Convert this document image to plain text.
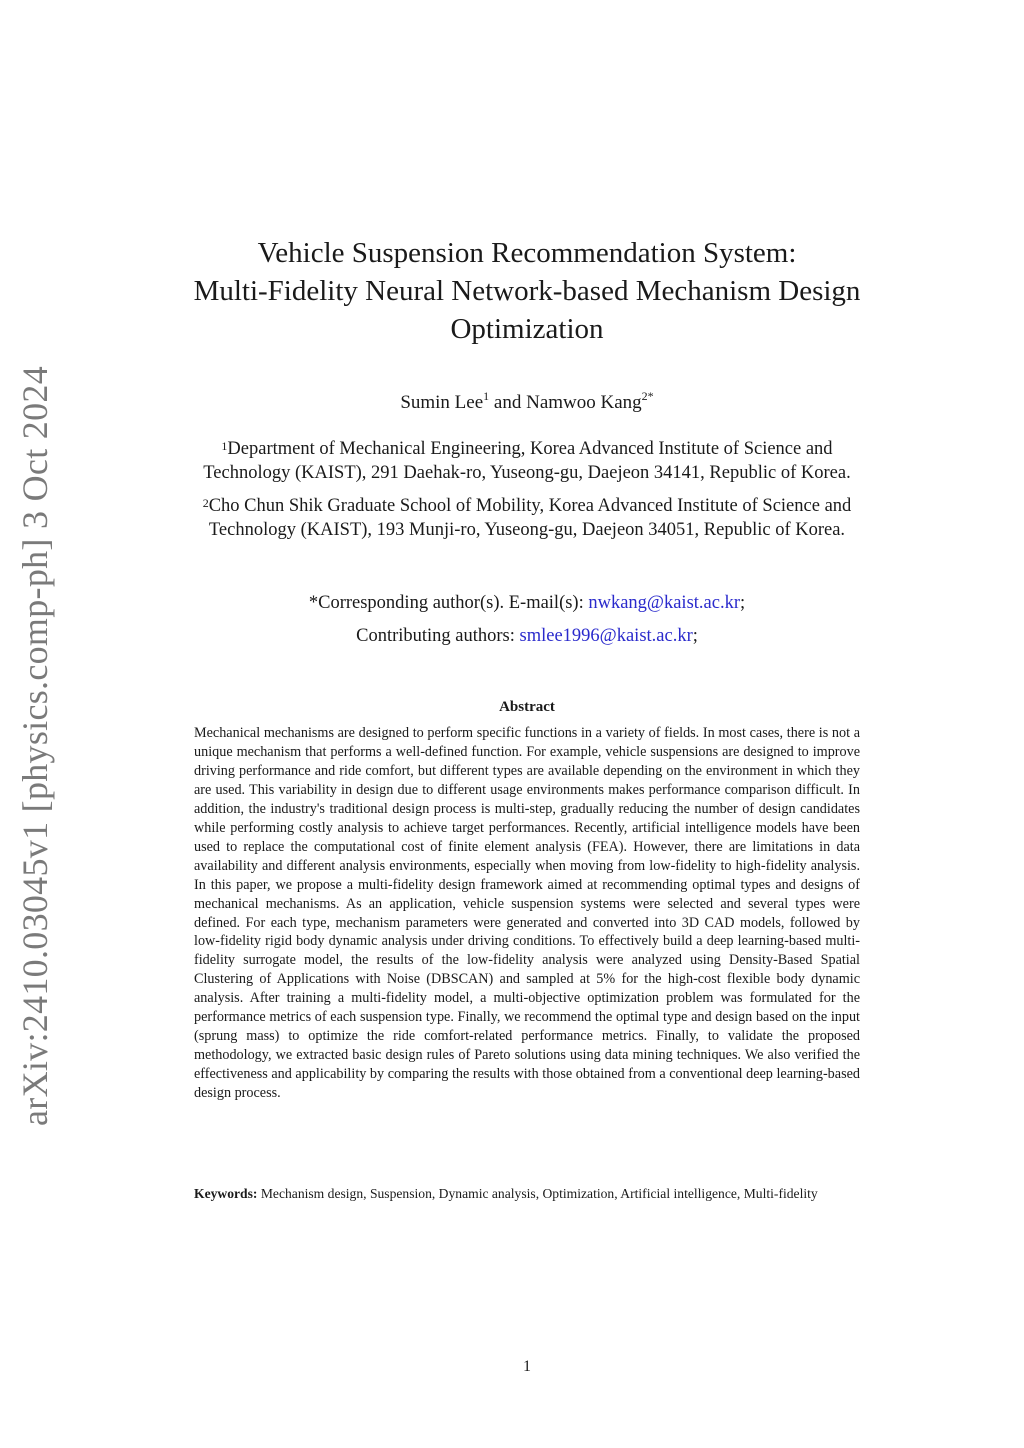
arXiv:2410.03045v1 [physics.comp-ph] 3 Oct 2024
Vehicle Suspension Recommendation System:
Multi-Fidelity Neural Network-based Mechanism Design
Optimization
Sumin Lee$^1$ and Namwoo Kang$^{2*}$
$^1$Department of Mechanical Engineering, Korea Advanced Institute of Science and
Technology (KAIST), 291 Daehak-ro, Yuseong-gu, Daejeon 34141, Republic of Korea.
$^2$Cho Chun Shik Graduate School of Mobility, Korea Advanced Institute of Science and
Technology (KAIST), 193 Munji-ro, Yuseong-gu, Daejeon 34051, Republic of Korea.
*Corresponding author(s). E-mail(s): nwkang@kaist.ac.kr;
Contributing authors: smlee1996@kaist.ac.kr;
Abstract

Mechanical mechanisms are designed to perform specific functions in a variety of fields. In most cases, there is not a unique mechanism that performs a well-defined function. For example, vehicle suspensions are designed to improve driving performance and ride comfort, but different types are available depending on the environment in which they are used. This variability in design due to different usage environments makes performance comparison difficult. In addition, the industry's traditional design process is multi-step, gradually reducing the number of design candidates while performing costly analysis to achieve target performances. Recently, artificial intelligence models have been used to replace the computational cost of finite element analysis (FEA). However, there are limitations in data availability and different analysis environments, especially when moving from low-fidelity to high-fidelity analysis. In this paper, we propose a multi-fidelity design framework aimed at recommending optimal types and designs of mechanical mechanisms. As an application, vehicle suspension systems were selected and several types were defined. For each type, mechanism parameters were generated and converted into 3D CAD models, followed by low-fidelity rigid body dynamic analysis under driving conditions. To effectively build a deep learning-based multi-fidelity surrogate model, the results of the low-fidelity analysis were analyzed using Density-Based Spatial Clustering of Applications with Noise (DBSCAN) and sampled at 5% for the high-cost flexible body dynamic analysis. After training a multi-fidelity model, a multi-objective optimization problem was formulated for the performance metrics of each suspension type. Finally, we recommend the optimal type and design based on the input (sprung mass) to optimize the ride comfort-related performance metrics. Finally, to validate the proposed methodology, we extracted basic design rules of Pareto solutions using data mining techniques. We also verified the effectiveness and applicability by comparing the results with those obtained from a conventional deep learning-based design process.

Keywords: Mechanism design, Suspension, Dynamic analysis, Optimization, Artificial intelligence, Multi-fidelity

1
